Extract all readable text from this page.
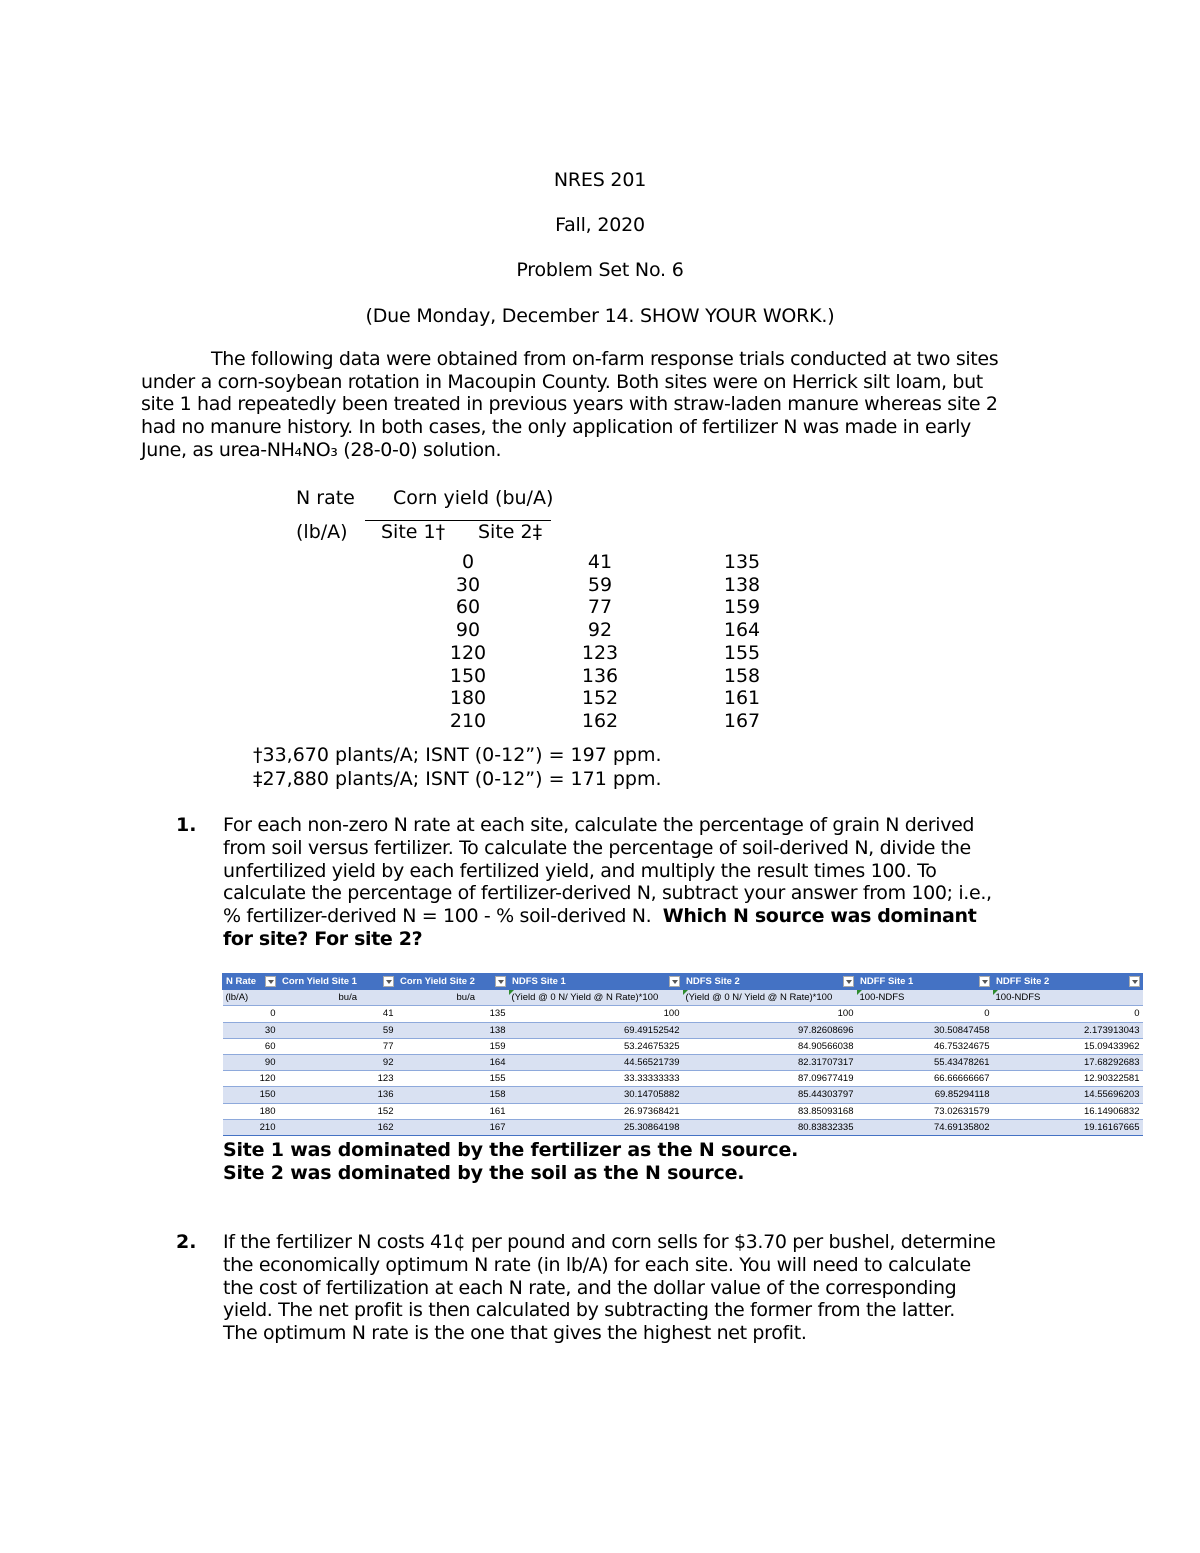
NRES 201
Fall, 2020
Problem Set No. 6
(Due Monday, December 14. SHOW YOUR WORK.)
The following data were obtained from on-farm response trials conducted at two sites
under a corn-soybean rotation in Macoupin County. Both sites were on Herrick silt loam, but
site 1 had repeatedly been treated in previous years with straw-laden manure whereas site 2
had no manure history. In both cases, the only application of fertilizer N was made in early
June, as urea-NH₄NO₃ (28-0-0) solution.
N rate Corn yield (bu/A)
(lb/A) Site 1† Site 2‡
0	41	135
30	59	138
60	77	159
90	92	164
120	123	155
150	136	158
180	152	161
210	162	167
†33,670 plants/A; ISNT (0-12”) = 197 ppm.
‡27,880 plants/A; ISNT (0-12”) = 171 ppm.
1. For each non-zero N rate at each site, calculate the percentage of grain N derived
from soil versus fertilizer. To calculate the percentage of soil-derived N, divide the
unfertilized yield by each fertilized yield, and multiply the result times 100. To
calculate the percentage of fertilizer-derived N, subtract your answer from 100; i.e.,
% fertilizer-derived N = 100 - % soil-derived N.  Which N source was dominant
for site? For site 2?
N Rate	Corn Yield Site 1	Corn Yield Site 2	NDFS Site 1	NDFS Site 2	NDFF Site 1	NDFF Site 2

(lb/A)	bu/a	bu/a	(Yield @ 0 N/ Yield @ N Rate)*100	(Yield @ 0 N/ Yield @ N Rate)*100	100-NDFS	100-NDFS
0	41	135	100	100	0	0
30	59	138	69.49152542	97.82608696	30.50847458	2.173913043
60	77	159	53.24675325	84.90566038	46.75324675	15.09433962
90	92	164	44.56521739	82.31707317	55.43478261	17.68292683
120	123	155	33.33333333	87.09677419	66.66666667	12.90322581
150	136	158	30.14705882	85.44303797	69.85294118	14.55696203
180	152	161	26.97368421	83.85093168	73.02631579	16.14906832
210	162	167	25.30864198	80.83832335	74.69135802	19.16167665
Site 1 was dominated by the fertilizer as the N source.
Site 2 was dominated by the soil as the N source.
2. If the fertilizer N costs 41¢ per pound and corn sells for $3.70 per bushel, determine
the economically optimum N rate (in lb/A) for each site. You will need to calculate
the cost of fertilization at each N rate, and the dollar value of the corresponding
yield. The net profit is then calculated by subtracting the former from the latter.
The optimum N rate is the one that gives the highest net profit.
